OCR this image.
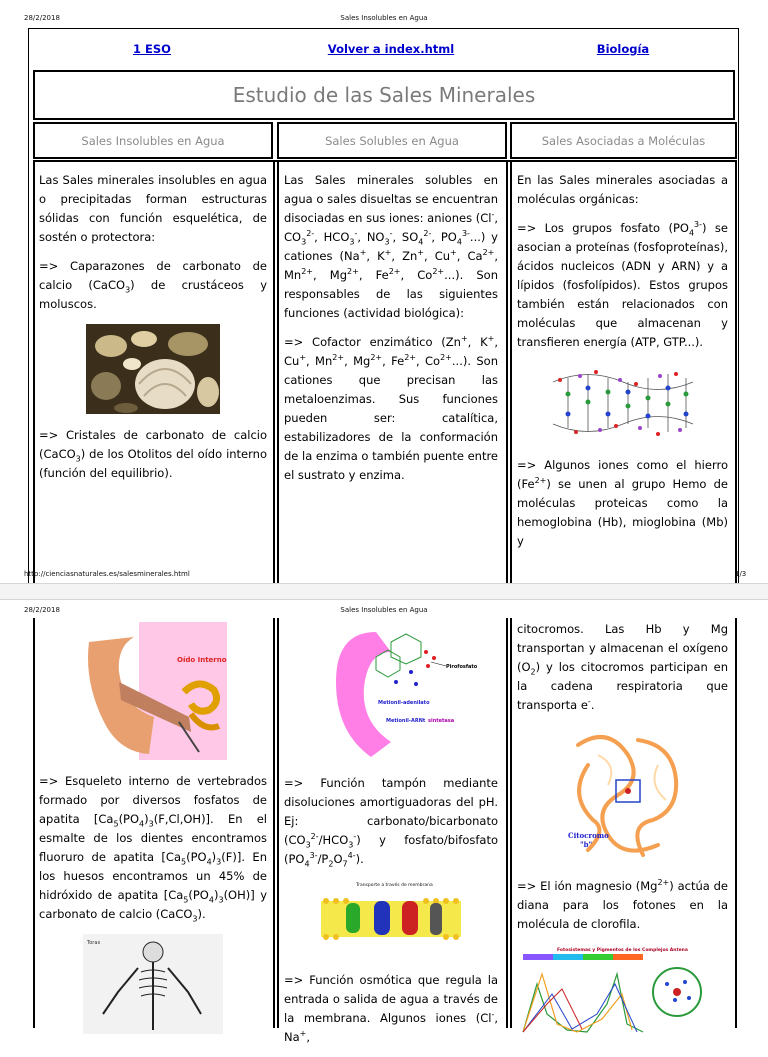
28/2/2018	Sales Insolubles en Agua
1 ESO	Volver a index.html	Biología
Estudio de las Sales Minerales
Sales Insolubles en Agua	Sales Solubles en Agua	Sales Asociadas a Moléculas

Las Sales minerales insolubles en agua o precipitadas forman estructuras sólidas con función esquelética, de sostén o protectora:

=> Caparazones de carbonato de calcio (CaCO$_3$) de crustáceos y moluscos.

=> Cristales de carbonato de calcio (CaCO$_3$) de los Otolitos del oído interno (función del equilibrio).

Las Sales minerales solubles en agua o sales disueltas se encuentran disociadas en sus iones: aniones (Cl-, $CO_3^{2-}$, $HCO_3^-$, $NO_3^-$, $SO_4^{2-}$, $PO_4^{3-}$...) y cationes (Na+, K+, Zn+, Cu+, $Ca^{2+}$, $Mn^{2+}$, $Mg^{2+}$, $Fe^{2+}$, $Co^{2+}$...). Son responsables de las siguientes funciones (actividad biológica):

=> Cofactor enzimático (Zn+, K+, Cu+, $Mn^{2+}$, $Mg^{2+}$, $Fe^{2+}$, $Co^{2+}$...). Son cationes que precisan las metaloenzimas. Sus funciones pueden ser: catalítica, estabilizadores de la conformación de la enzima o también puente entre el sustrato y enzima.

En las Sales minerales asociadas a moléculas orgánicas:

=> Los grupos fosfato $(PO_4^{3-})$ se asocian a proteínas (fosfoproteínas), ácidos nucleicos (ADN y ARN) y a lípidos (fosfolípidos). Estos grupos también están relacionados con moléculas que almacenan y transfieren energía (ATP, GTP...).

=> Algunos iones como el hierro $(Fe^{2+})$ se unen al grupo Hemo de moléculas proteicas como la hemoglobina (Hb), mioglobina (Mb) y

http://cienciasnaturales.es/salesminerales.html	1/3
28/2/2018	Sales Insolubles en Agua
Oído Interno

=> Esqueleto interno de vertebrados formado por diversos fosfatos de apatita $[Ca_5(PO_4)_3(F,Cl,OH)]$. En el esmalte de los dientes encontramos fluoruro de apatita $[Ca_5(PO_4)_3(F)]$. En los huesos encontramos un 45% de hidróxido de apatita $[Ca_5(PO_4)_3(OH)]$ y carbonato de calcio (CaCO$_3$).

Torax
Pirofosfato
Metionil-adenilato
Metionil-ARNt sintetasa

=> Función tampón mediante disoluciones amortiguadoras del pH. Ej: carbonato/bicarbonato $(CO_3^{2-}/HCO_3^-)$ y fosfato/bifosfato $(PO_4^{3-}/P_2O_7^{4-})$.

Transporte a través de membrana

=> Función osmótica que regula la entrada o salida de agua a través de la membrana. Algunos iones (Cl-, Na+,

citocromos. Las Hb y Mg transportan y almacenan el oxígeno $(O_2)$ y los citocromos participan en la cadena respiratoria que transporta e-.

Citocromo
"b"

=> El ión magnesio $(Mg^{2+})$ actúa de diana para los fotones en la molécula de clorofila.

Fotosistemas y Pigmentos de los Complejos Antena
